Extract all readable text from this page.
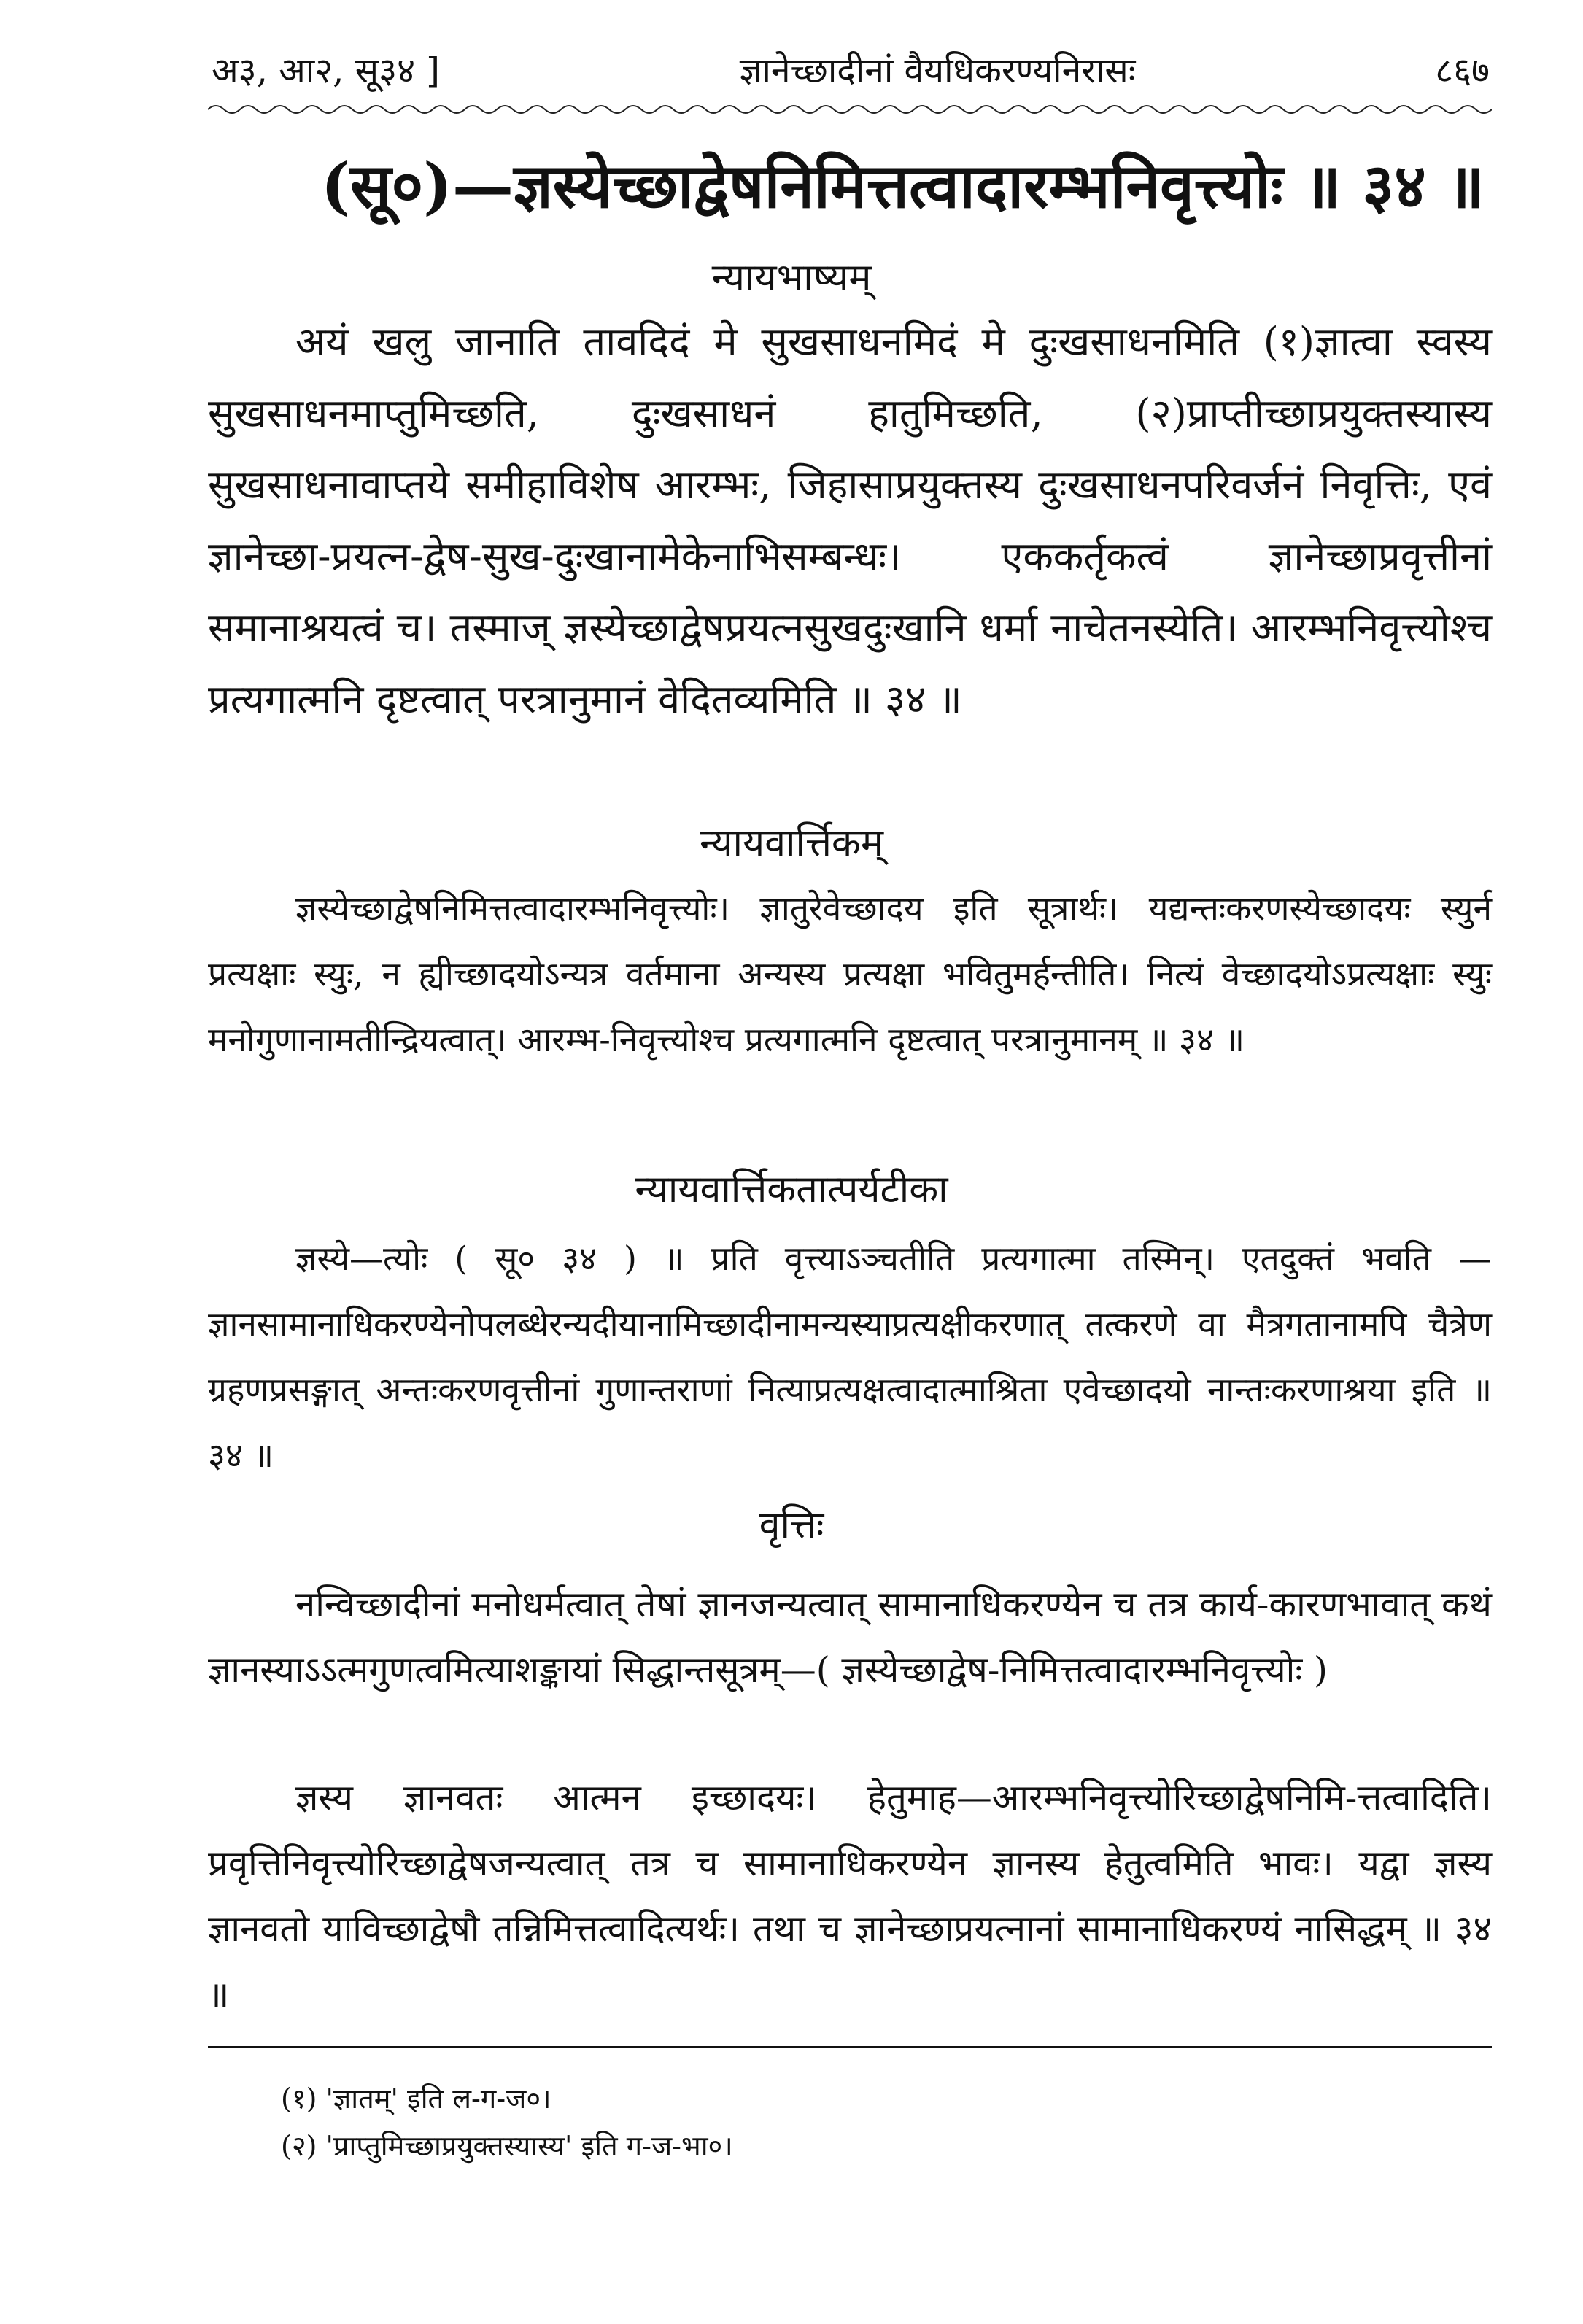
अ३, आ२, सू३४ ]	ज्ञानेच्छादीनां वैयधिकरण्यनिरासः	८६७
(सू०)—ज्ञस्येच्छाद्वेषनिमित्तत्वादारम्भनिवृत्त्योः ॥ ३४ ॥
न्यायभाष्यम्

अयं खलु जानाति तावदिदं मे सुखसाधनमिदं मे दुःखसाधनमिति (१)ज्ञात्वा स्वस्य सुखसाधनमाप्तुमिच्छति, दुःखसाधनं हातुमिच्छति, (२)प्राप्तीच्छाप्रयुक्तस्यास्य सुखसाधनावाप्तये समीहाविशेष आरम्भः, जिहासाप्रयुक्तस्य दुःखसाधनपरिवर्जनं निवृत्तिः, एवं ज्ञानेच्छा-प्रयत्न-द्वेष-सुख-दुःखानामेकेनाभिसम्बन्धः। एककर्तृकत्वं ज्ञानेच्छाप्रवृत्तीनां समानाश्रयत्वं च। तस्माज् ज्ञस्येच्छाद्वेषप्रयत्नसुखदुःखानि धर्मा नाचेतनस्येति। आरम्भनिवृत्त्योश्च प्रत्यगात्मनि दृष्टत्वात् परत्रानुमानं वेदितव्यमिति ॥ ३४ ॥

न्यायवार्त्तिकम्

ज्ञस्येच्छाद्वेषनिमित्तत्वादारम्भनिवृत्त्योः। ज्ञातुरेवेच्छादय इति सूत्रार्थः। यद्यन्तःकरणस्येच्छादयः स्युर्न प्रत्यक्षाः स्युः, न ह्यीच्छादयोऽन्यत्र वर्तमाना अन्यस्य प्रत्यक्षा भवितुमर्हन्तीति। नित्यं वेच्छादयोऽप्रत्यक्षाः स्युः मनोगुणानामतीन्द्रियत्वात्। आरम्भ-निवृत्त्योश्च प्रत्यगात्मनि दृष्टत्वात् परत्रानुमानम् ॥ ३४ ॥

न्यायवार्त्तिकतात्पर्यटीका

ज्ञस्ये—त्योः ( सू० ३४ ) ॥ प्रति वृत्त्याऽञ्चतीति प्रत्यगात्मा तस्मिन्। एतदुक्तं भवति —ज्ञानसामानाधिकरण्येनोपलब्धेरन्यदीयानामिच्छादीनामन्यस्याप्रत्यक्षीकरणात् तत्करणे वा मैत्रगतानामपि चैत्रेण ग्रहणप्रसङ्गात् अन्तःकरणवृत्तीनां गुणान्तराणां नित्याप्रत्यक्षत्वादात्माश्रिता एवेच्छादयो नान्तःकरणाश्रया इति ॥ ३४ ॥

वृत्तिः

नन्विच्छादीनां मनोधर्मत्वात् तेषां ज्ञानजन्यत्वात् सामानाधिकरण्येन च तत्र कार्य-कारणभावात् कथं ज्ञानस्याऽऽत्मगुणत्वमित्याशङ्कायां सिद्धान्तसूत्रम्—( ज्ञस्येच्छाद्वेष-निमित्तत्वादारम्भनिवृत्त्योः )

ज्ञस्य ज्ञानवतः आत्मन इच्छादयः। हेतुमाह—आरम्भनिवृत्त्योरिच्छाद्वेषनिमि-त्तत्वादिति। प्रवृत्तिनिवृत्त्योरिच्छाद्वेषजन्यत्वात् तत्र च सामानाधिकरण्येन ज्ञानस्य हेतुत्वमिति भावः। यद्वा ज्ञस्य ज्ञानवतो याविच्छाद्वेषौ तन्निमित्तत्वादित्यर्थः। तथा च ज्ञानेच्छाप्रयत्नानां सामानाधिकरण्यं नासिद्धम् ॥ ३४ ॥

(१) 'ज्ञातम्' इति ल-ग-ज०।
(२) 'प्राप्तुमिच्छाप्रयुक्तस्यास्य' इति ग-ज-भा०।
